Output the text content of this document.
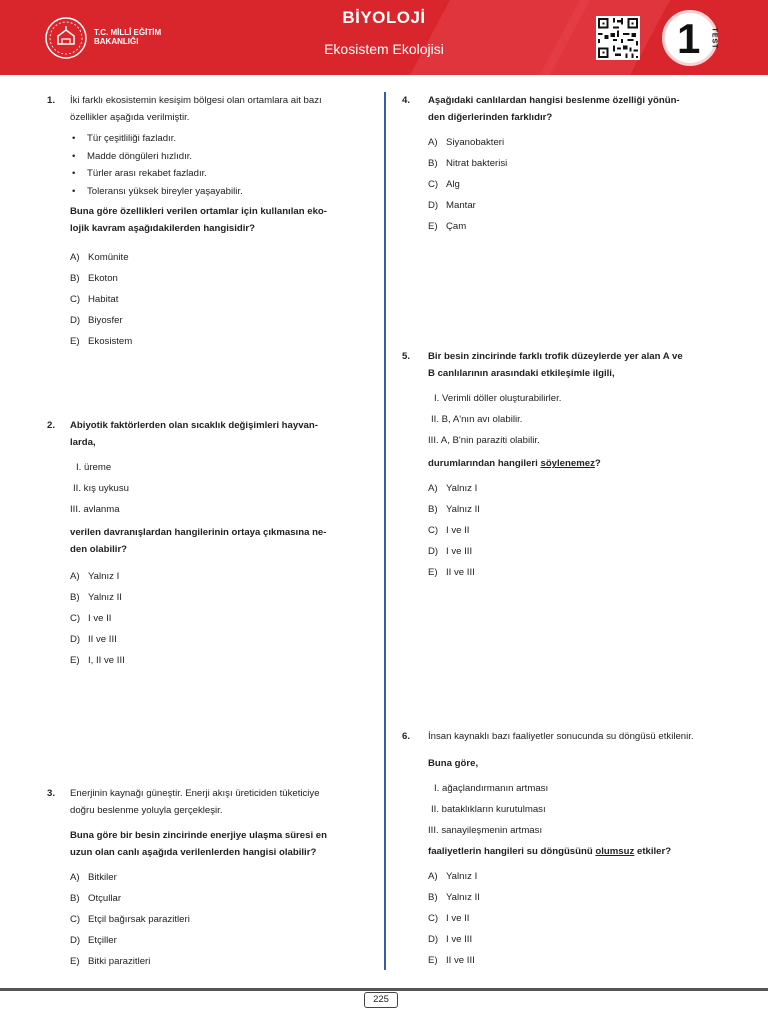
T.C. MİLLÎ EĞİTİM
BAKANLIĞI
BİYOLOJİ
Ekosistem Ekolojisi	1 TEST
1. İki farklı ekosistemin kesişim bölgesi olan ortamlara ait bazı
özellikler aşağıda verilmiştir.
• Tür çeşitliliği fazladır.
• Madde döngüleri hızlıdır.
• Türler arası rekabet fazladır.
• Toleransı yüksek bireyler yaşayabilir.
Buna göre özellikleri verilen ortamlar için kullanılan eko-
lojik kavram aşağıdakilerden hangisidir?
A) Komünite
B) Ekoton
C) Habitat
D) Biyosfer
E) Ekosistem
2. Abiyotik faktörlerden olan sıcaklık değişimleri hayvan-
larda,
I. üreme
II. kış uykusu
III. avlanma
verilen davranışlardan hangilerinin ortaya çıkmasına ne-
den olabilir?
A) Yalnız I
B) Yalnız II
C) I ve II
D) II ve III
E) I, II ve III
3. Enerjinin kaynağı güneştir. Enerji akışı üreticiden tüketiciye
doğru beslenme yoluyla gerçekleşir.
Buna göre bir besin zincirinde enerjiye ulaşma süresi en
uzun olan canlı aşağıda verilenlerden hangisi olabilir?
A) Bitkiler
B) Otçullar
C) Etçil bağırsak parazitleri
D) Etçiller
E) Bitki parazitleri
4. Aşağıdaki canlılardan hangisi beslenme özelliği yönün-
den diğerlerinden farklıdır?
A) Siyanobakteri
B) Nitrat bakterisi
C) Alg
D) Mantar
E) Çam
5. Bir besin zincirinde farklı trofik düzeylerde yer alan A ve
B canlılarının arasındaki etkileşimle ilgili,
I. Verimli döller oluşturabilirler.
II. B, A'nın avı olabilir.
III. A, B'nin paraziti olabilir.
durumlarından hangileri söylenemez?
A) Yalnız I
B) Yalnız II
C) I ve II
D) I ve III
E) II ve III
6. İnsan kaynaklı bazı faaliyetler sonucunda su döngüsü etkilenir.
Buna göre,
I. ağaçlandırmanın artması
II. bataklıkların kurutulması
III. sanayileşmenin artması
faaliyetlerin hangileri su döngüsünü olumsuz etkiler?
A) Yalnız I
B) Yalnız II
C) I ve II
D) I ve III
E) II ve III
225
